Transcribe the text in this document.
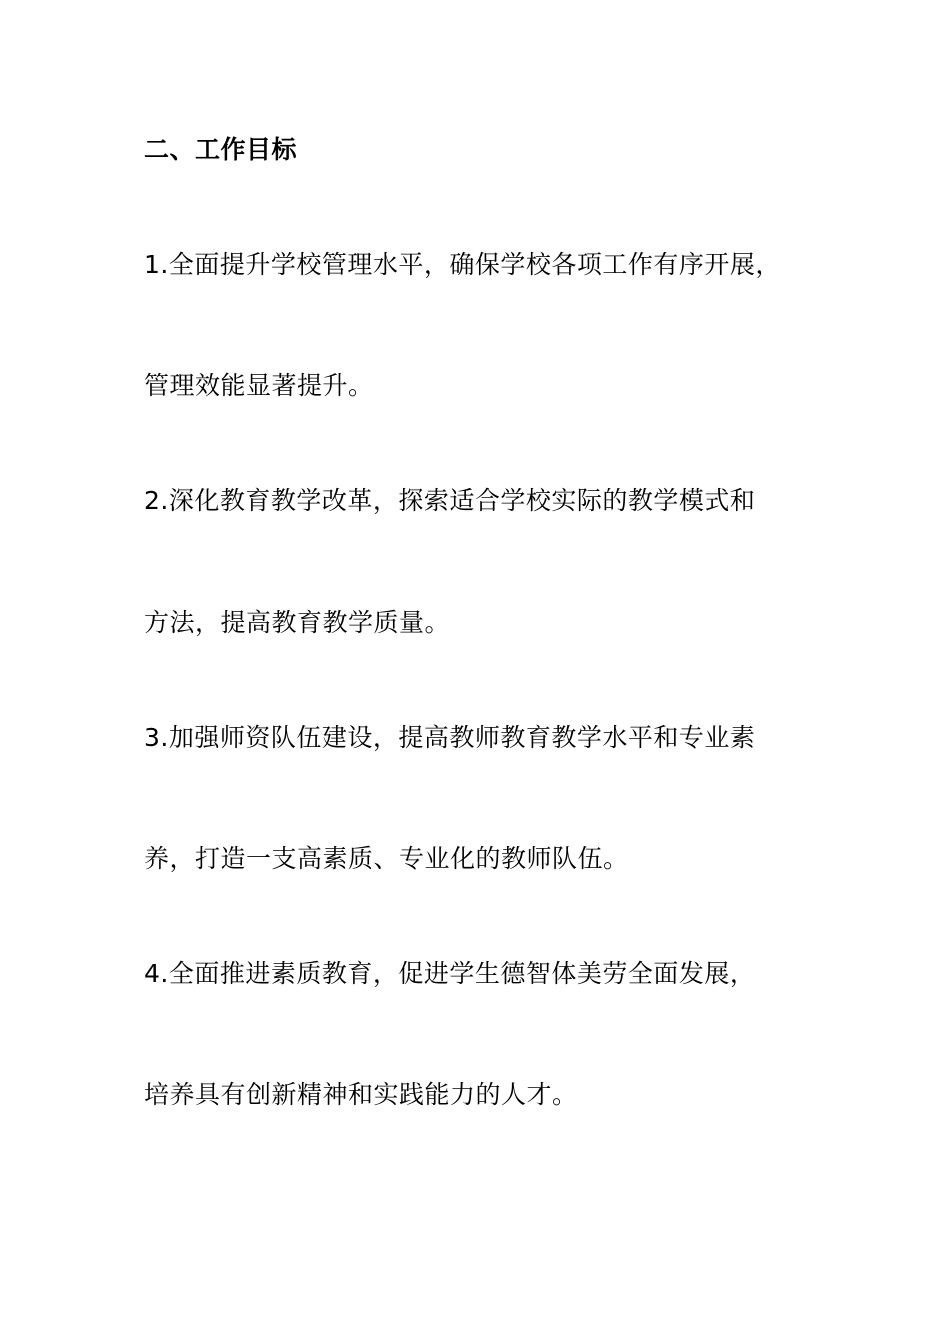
二、工作目标
1.全面提升学校管理水平，确保学校各项工作有序开展，
管理效能显著提升。
2.深化教育教学改革，探索适合学校实际的教学模式和
方法，提高教育教学质量。
3.加强师资队伍建设，提高教师教育教学水平和专业素
养，打造一支高素质、专业化的教师队伍。
4.全面推进素质教育，促进学生德智体美劳全面发展，
培养具有创新精神和实践能力的人才。
